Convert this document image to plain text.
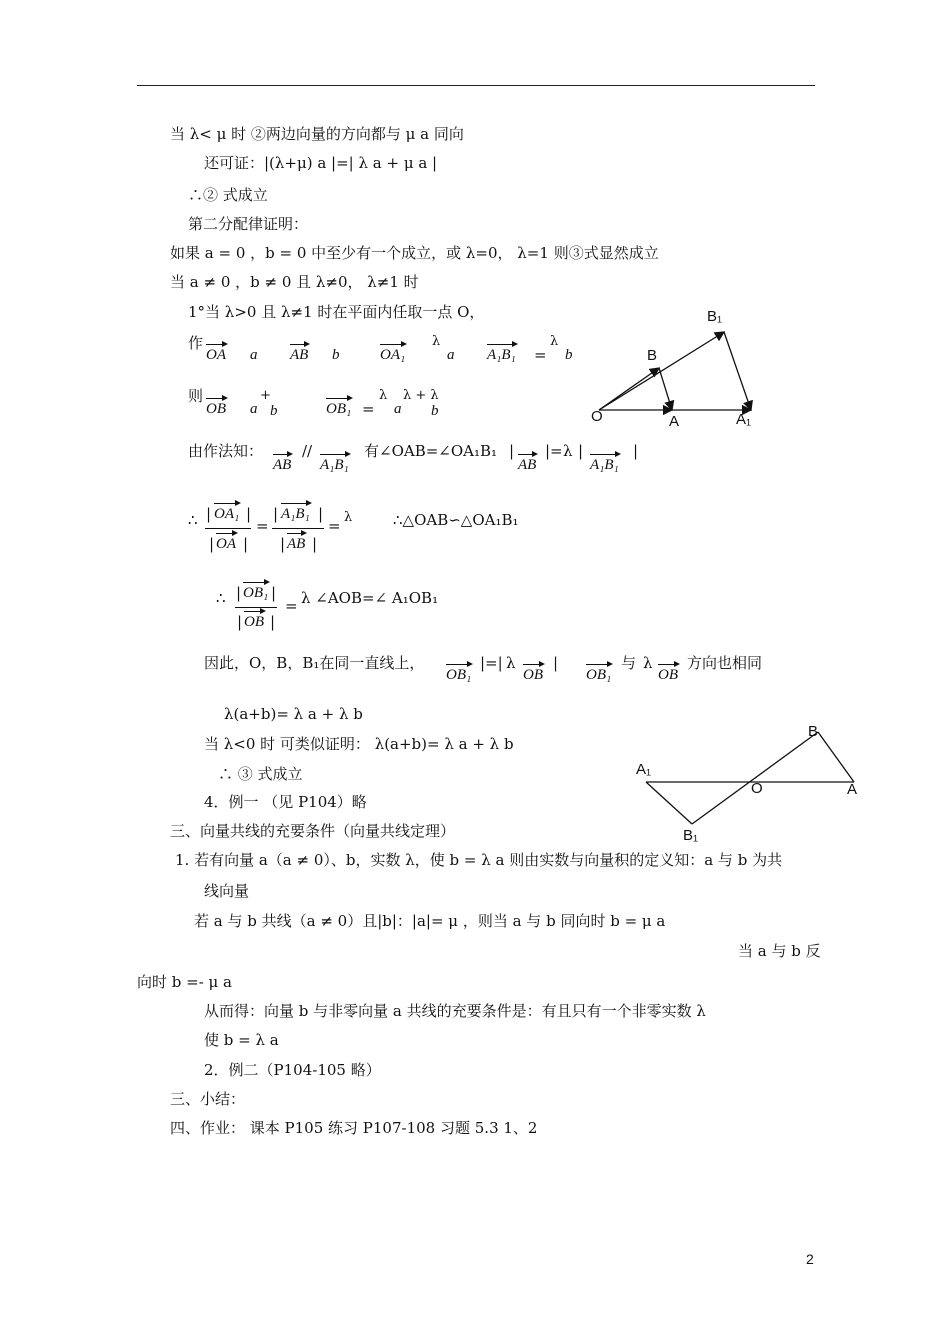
当 λ< μ 时 ②两边向量的方向都与 μ a 同向
还可证：|(λ+μ) a |=| λ a + μ a |
∴② 式成立
第二分配律证明：
如果 a = 0 ，b = 0 中至少有一个成立，或 λ=0， λ=1 则③式显然成立
当 a ≠ 0 ，b ≠ 0 且 λ≠0， λ≠1 时
1°当 λ>0 且 λ≠1 时在平面内任取一点 O，
作
OA a AB b	OA₁
λ
a A₁B₁ =
λ
b
则
OB a
+
b	OB₁ =
λ
a
λ + λ
b
由作法知：
AB
//
A₁B₁
有∠OAB=∠OA₁B₁ |
AB
|= λ |
A₁B₁
|
∴ | OA₁ |
| OA |
=
| A₁B₁ |
| AB |
= λ	∴△OAB∽△OA₁B₁
∴ | OB₁ |
| OB |
= λ ∠AOB=∠ A₁OB₁
因此，O，B，B₁在同一直线上，
OB₁
|=| λ
OB
|
OB₁
与 λ
OB
方向也相同
λ(a+b)= λ a + λ b
当 λ<0 时 可类似证明： λ(a+b)= λ a + λ b
∴ ③ 式成立
4．例一 （见 P104）略
三、向量共线的充要条件（向量共线定理）
1. 若有向量 a（a ≠ 0）、b，实数 λ，使 b = λ a 则由实数与向量积的定义知：a 与 b 为共
线向量
若 a 与 b 共线（a ≠ 0）且|b|：|a|= μ ，则当 a 与 b 同向时 b = μ a
当 a 与 b 反
向时 b =- μ a
从而得：向量 b 与非零向量 a 共线的充要条件是：有且只有一个非零实数 λ
使 b = λ a
2．例二（P104-105 略）
三、小结：
四、作业： 课本 P105 练习 P107-108 习题 5.3 1、2
O	A
B
A₁
B₁
A₁
O	A
B
B₁
2
